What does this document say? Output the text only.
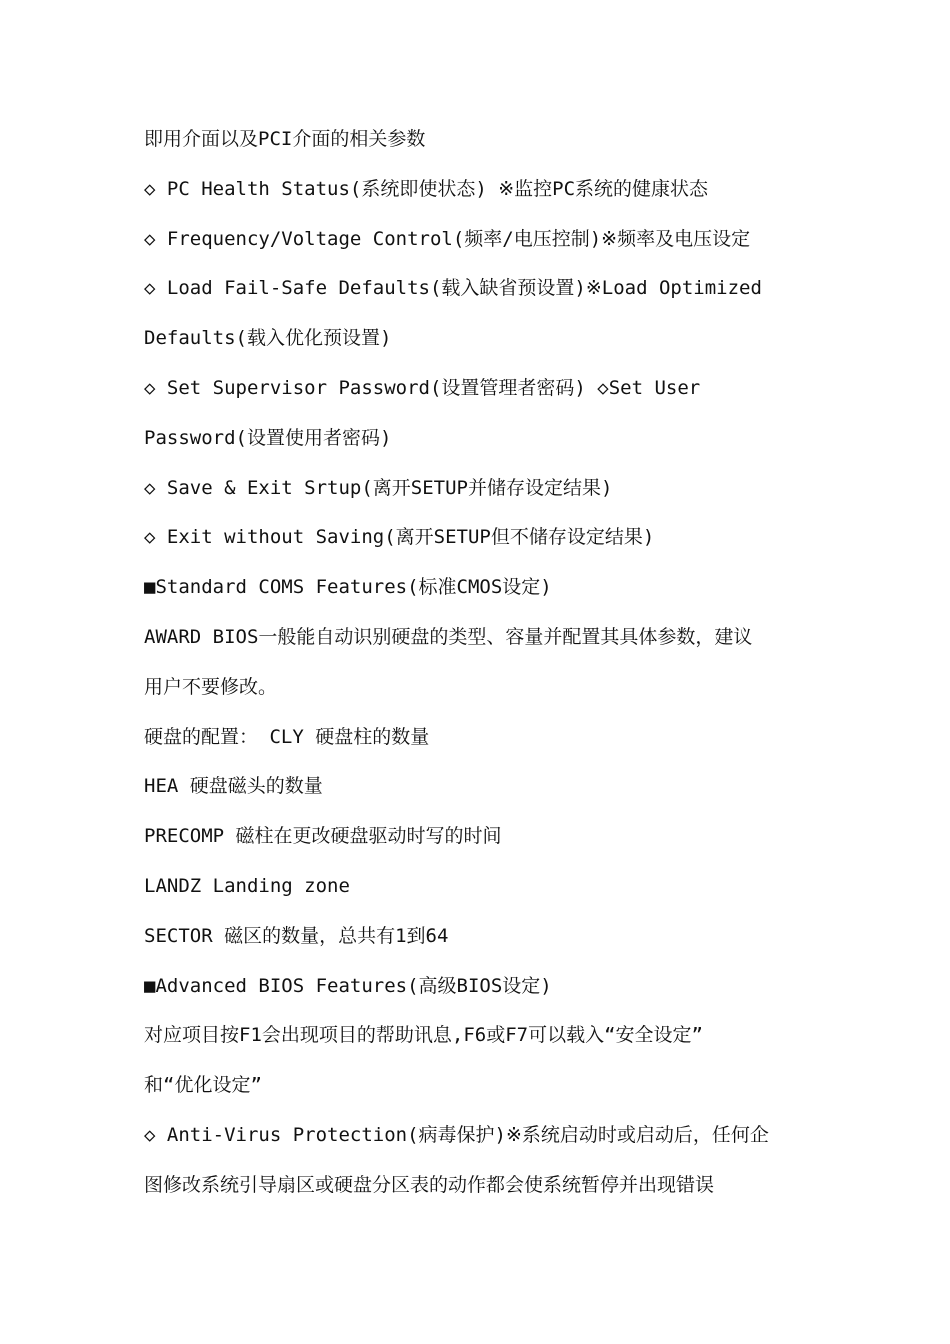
即用介面以及PCI介面的相关参数
◇ PC Health Status(系统即使状态) ※监控PC系统的健康状态
◇ Frequency/Voltage Control(频率/电压控制)※频率及电压设定
◇ Load Fail-Safe Defaults(载入缺省预设置)※Load Optimized
Defaults(载入优化预设置)
◇ Set Supervisor Password(设置管理者密码) ◇Set User
Password(设置使用者密码)
◇ Save & Exit Srtup(离开SETUP并储存设定结果)
◇ Exit without Saving(离开SETUP但不储存设定结果)
■Standard COMS Features(标准CMOS设定)
AWARD BIOS一般能自动识别硬盘的类型、容量并配置其具体参数，建议
用户不要修改。
硬盘的配置： CLY 硬盘柱的数量
HEA 硬盘磁头的数量
PRECOMP 磁柱在更改硬盘驱动时写的时间
LANDZ Landing zone
SECTOR 磁区的数量，总共有1到64
■Advanced BIOS Features(高级BIOS设定)
对应项目按F1会出现项目的帮助讯息,F6或F7可以载入“安全设定”
和“优化设定”
◇ Anti-Virus Protection(病毒保护)※系统启动时或启动后，任何企
图修改系统引导扇区或硬盘分区表的动作都会使系统暂停并出现错误
